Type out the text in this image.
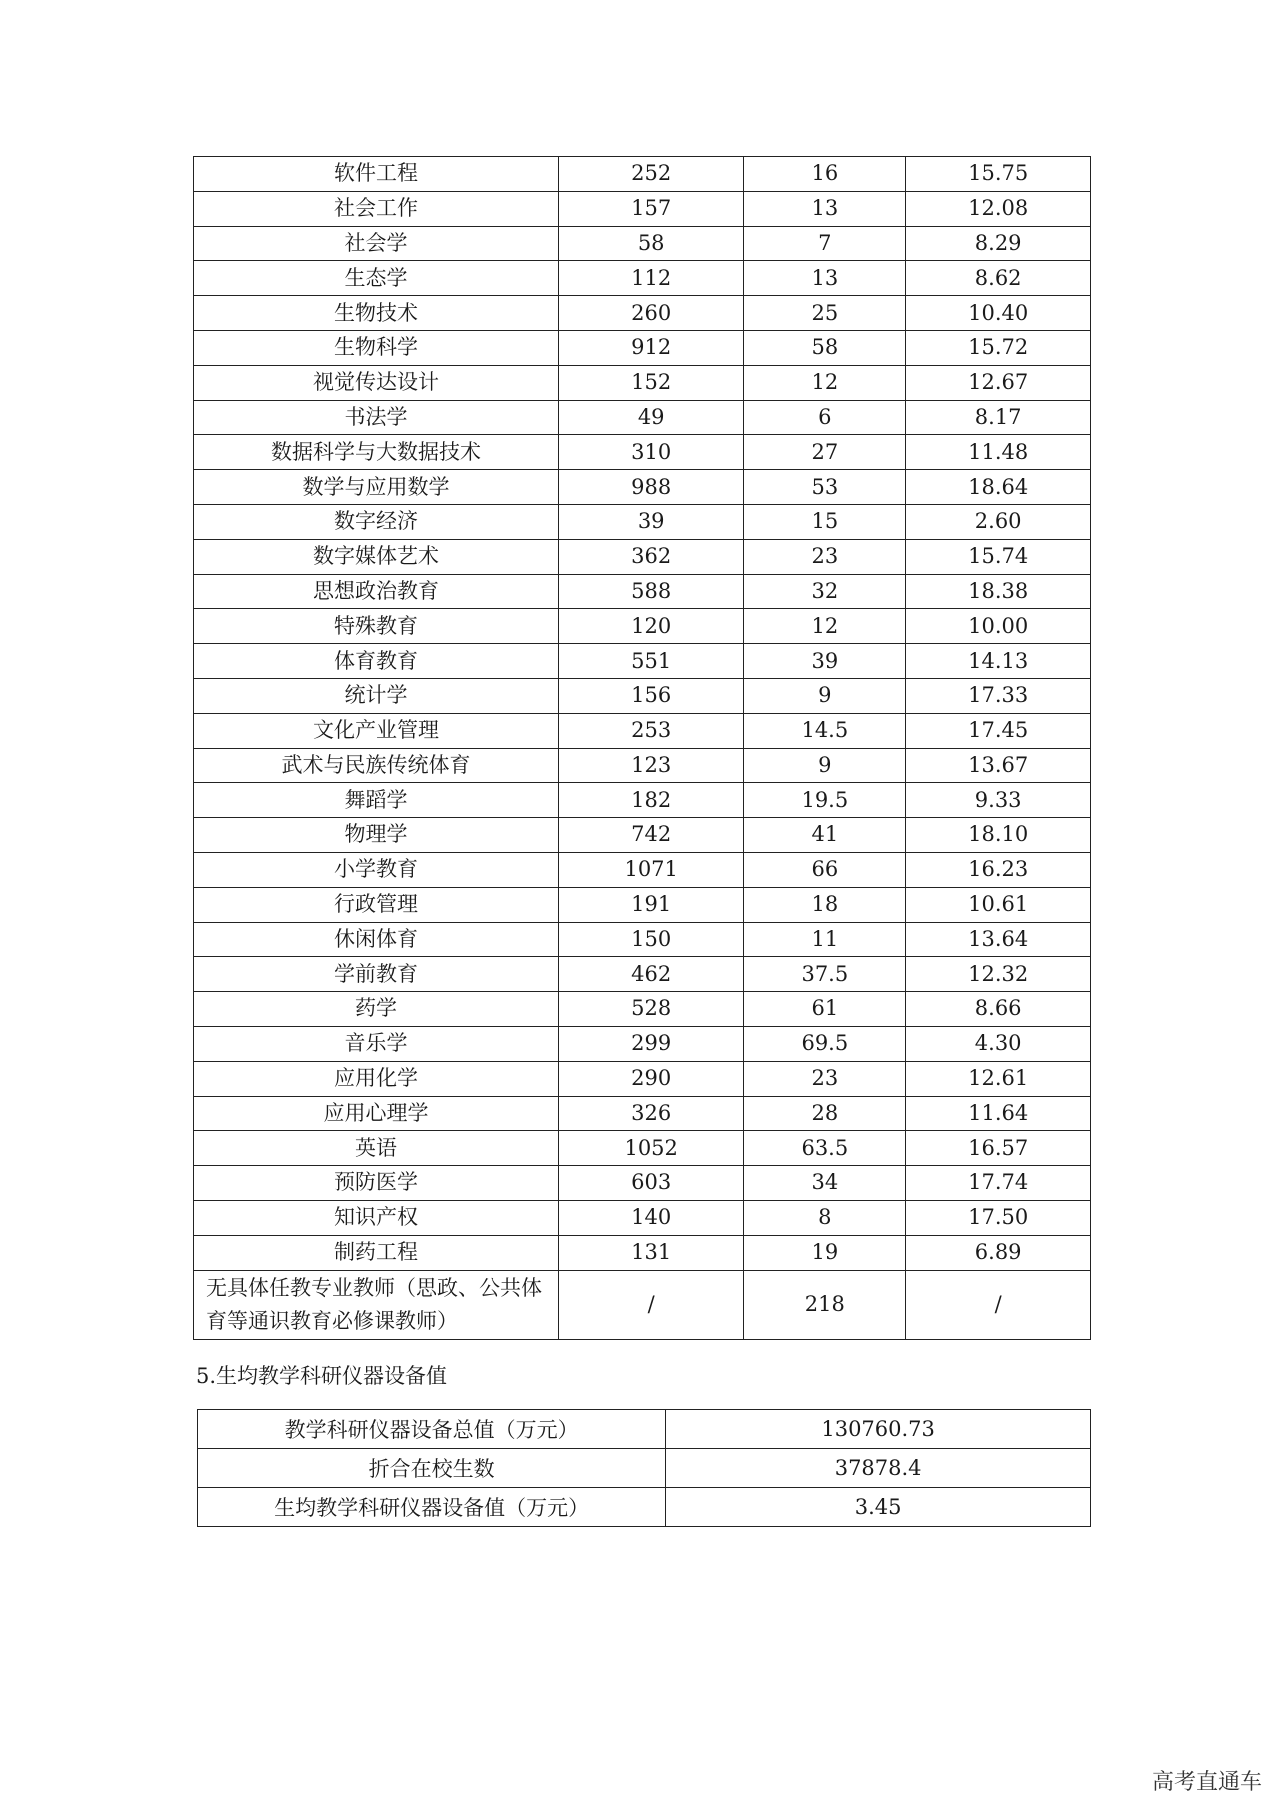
软件工程	252	16	15.75
社会工作	157	13	12.08
社会学	58	7	8.29
生态学	112	13	8.62
生物技术	260	25	10.40
生物科学	912	58	15.72
视觉传达设计	152	12	12.67
书法学	49	6	8.17
数据科学与大数据技术	310	27	11.48
数学与应用数学	988	53	18.64
数字经济	39	15	2.60
数字媒体艺术	362	23	15.74
思想政治教育	588	32	18.38
特殊教育	120	12	10.00
体育教育	551	39	14.13
统计学	156	9	17.33
文化产业管理	253	14.5	17.45
武术与民族传统体育	123	9	13.67
舞蹈学	182	19.5	9.33
物理学	742	41	18.10
小学教育	1071	66	16.23
行政管理	191	18	10.61
休闲体育	150	11	13.64
学前教育	462	37.5	12.32
药学	528	61	8.66
音乐学	299	69.5	4.30
应用化学	290	23	12.61
应用心理学	326	28	11.64
英语	1052	63.5	16.57
预防医学	603	34	17.74
知识产权	140	8	17.50
制药工程	131	19	6.89
无具体任教专业教师（思政、公共体育等通识教育必修课教师）	/	218	/
5.生均教学科研仪器设备值
教学科研仪器设备总值（万元）	130760.73
折合在校生数	37878.4
生均教学科研仪器设备值（万元）	3.45
高考直通车
